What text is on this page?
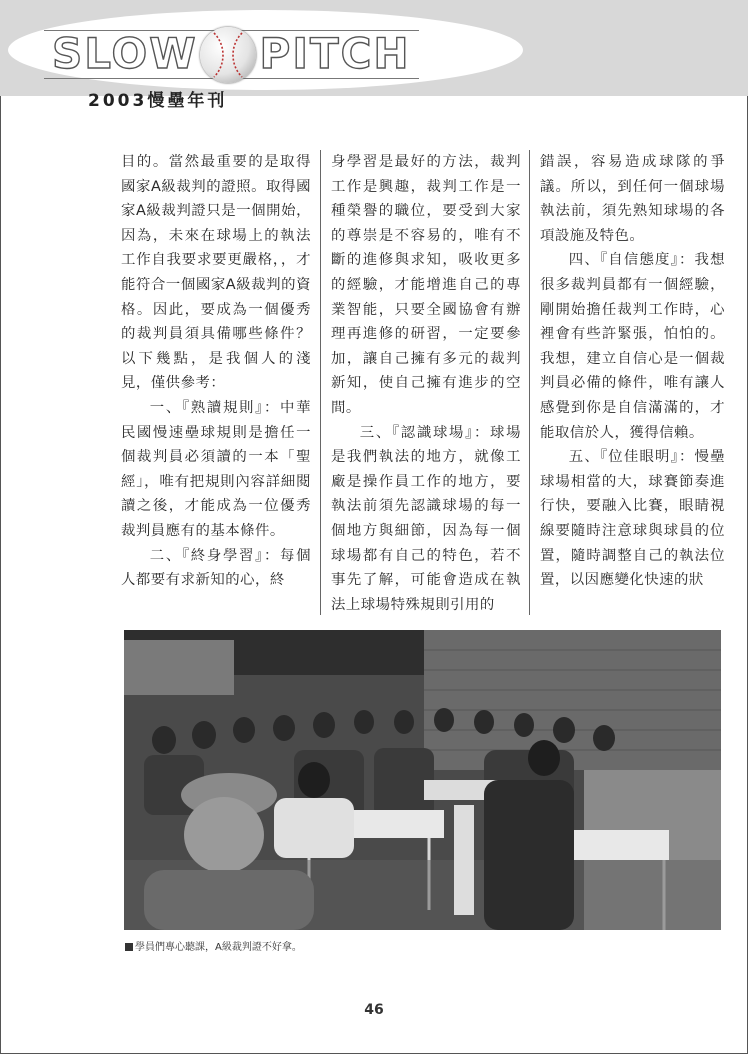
SLOW PITCH
2003慢壘年刊

目的。當然最重要的是取得國家A級裁判的證照。取得國家A級裁判證只是一個開始，因為，未來在球場上的執法工作自我要求要更嚴格，，才能符合一個國家A級裁判的資格。因此，要成為一個優秀的裁判員須具備哪些條件？以下幾點，是我個人的淺見，僅供參考：

一、『熟讀規則』：中華民國慢速壘球規則是擔任一個裁判員必須讀的一本「聖經」，唯有把規則內容詳細閱讀之後，才能成為一位優秀裁判員應有的基本條件。

二、『終身學習』：每個人都要有求新知的心，終

身學習是最好的方法，裁判工作是興趣，裁判工作是一種榮譽的職位，要受到大家的尊崇是不容易的，唯有不斷的進修與求知，吸收更多的經驗，才能增進自己的專業智能，只要全國協會有辦理再進修的研習，一定要參加，讓自己擁有多元的裁判新知，使自己擁有進步的空間。

三、『認識球場』：球場是我們執法的地方，就像工廠是操作員工作的地方，要執法前須先認識球場的每一個地方與細節，因為每一個球場都有自己的特色，若不事先了解，可能會造成在執法上球場特殊規則引用的

錯誤，容易造成球隊的爭議。所以，到任何一個球場執法前，須先熟知球場的各項設施及特色。

四、『自信態度』：我想很多裁判員都有一個經驗，剛開始擔任裁判工作時，心裡會有些許緊張，怕怕的。我想，建立自信心是一個裁判員必備的條件，唯有讓人感覺到你是自信滿滿的，才能取信於人，獲得信賴。

五、『位佳眼明』：慢壘球場相當的大，球賽節奏進行快，要融入比賽，眼睛視線要隨時注意球與球員的位置，隨時調整自己的執法位置，以因應變化快速的狀

學員們專心聽課，A級裁判證不好拿。
46
